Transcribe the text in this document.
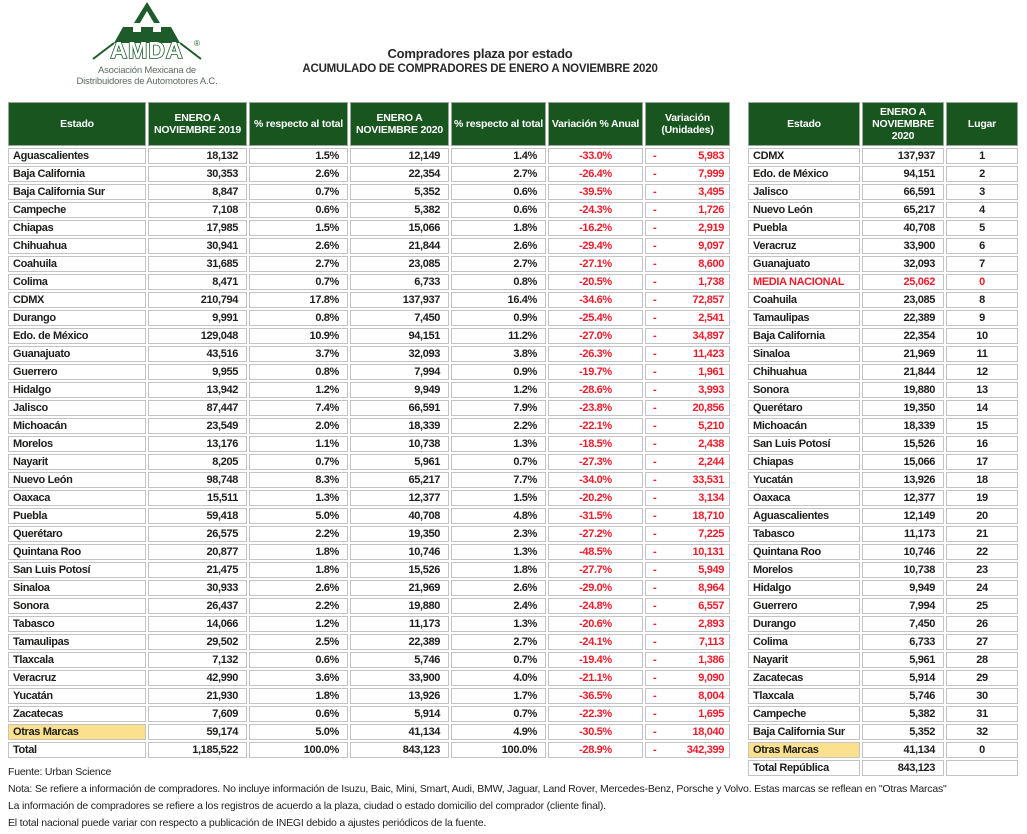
AMDA ®
Asociación Mexicana de
Distribuidores de Automotores A.C.
Compradores plaza por estado
ACUMULADO DE COMPRADORES DE ENERO A NOVIEMBRE 2020
Estado	ENERO A NOVIEMBRE 2019	% respecto al total	ENERO A NOVIEMBRE 2020	% respecto al total	Variación % Anual	Variación (Unidades)
Aguascalientes	18,132	1.5%	12,149	1.4%	-33.0%	- 5,983

Baja California	30,353	2.6%	22,354	2.7%	-26.4%	- 7,999

Baja California Sur	8,847	0.7%	5,352	0.6%	-39.5%	- 3,495

Campeche	7,108	0.6%	5,382	0.6%	-24.3%	- 1,726

Chiapas	17,985	1.5%	15,066	1.8%	-16.2%	- 2,919

Chihuahua	30,941	2.6%	21,844	2.6%	-29.4%	- 9,097

Coahuila	31,685	2.7%	23,085	2.7%	-27.1%	- 8,600

Colima	8,471	0.7%	6,733	0.8%	-20.5%	- 1,738

CDMX	210,794	17.8%	137,937	16.4%	-34.6%	- 72,857

Durango	9,991	0.8%	7,450	0.9%	-25.4%	- 2,541

Edo. de México	129,048	10.9%	94,151	11.2%	-27.0%	- 34,897

Guanajuato	43,516	3.7%	32,093	3.8%	-26.3%	- 11,423

Guerrero	9,955	0.8%	7,994	0.9%	-19.7%	- 1,961

Hidalgo	13,942	1.2%	9,949	1.2%	-28.6%	- 3,993

Jalisco	87,447	7.4%	66,591	7.9%	-23.8%	- 20,856

Michoacán	23,549	2.0%	18,339	2.2%	-22.1%	- 5,210

Morelos	13,176	1.1%	10,738	1.3%	-18.5%	- 2,438

Nayarit	8,205	0.7%	5,961	0.7%	-27.3%	- 2,244

Nuevo León	98,748	8.3%	65,217	7.7%	-34.0%	- 33,531

Oaxaca	15,511	1.3%	12,377	1.5%	-20.2%	- 3,134

Puebla	59,418	5.0%	40,708	4.8%	-31.5%	- 18,710

Querétaro	26,575	2.2%	19,350	2.3%	-27.2%	- 7,225

Quintana Roo	20,877	1.8%	10,746	1.3%	-48.5%	- 10,131

San Luis Potosí	21,475	1.8%	15,526	1.8%	-27.7%	- 5,949

Sinaloa	30,933	2.6%	21,969	2.6%	-29.0%	- 8,964

Sonora	26,437	2.2%	19,880	2.4%	-24.8%	- 6,557

Tabasco	14,066	1.2%	11,173	1.3%	-20.6%	- 2,893

Tamaulipas	29,502	2.5%	22,389	2.7%	-24.1%	- 7,113

Tlaxcala	7,132	0.6%	5,746	0.7%	-19.4%	- 1,386

Veracruz	42,990	3.6%	33,900	4.0%	-21.1%	- 9,090

Yucatán	21,930	1.8%	13,926	1.7%	-36.5%	- 8,004

Zacatecas	7,609	0.6%	5,914	0.7%	-22.3%	- 1,695

Otras Marcas	59,174	5.0%	41,134	4.9%	-30.5%	- 18,040

Total	1,185,522	100.0%	843,123	100.0%	-28.9%	- 342,399
Estado	ENERO A NOVIEMBRE 2020	Lugar
CDMX	137,937	1
Edo. de México	94,151	2
Jalisco	66,591	3
Nuevo León	65,217	4
Puebla	40,708	5
Veracruz	33,900	6
Guanajuato	32,093	7
MEDIA NACIONAL	25,062	0
Coahuila	23,085	8
Tamaulipas	22,389	9
Baja California	22,354	10
Sinaloa	21,969	11
Chihuahua	21,844	12
Sonora	19,880	13
Querétaro	19,350	14
Michoacán	18,339	15
San Luis Potosí	15,526	16
Chiapas	15,066	17
Yucatán	13,926	18
Oaxaca	12,377	19
Aguascalientes	12,149	20
Tabasco	11,173	21
Quintana Roo	10,746	22
Morelos	10,738	23
Hidalgo	9,949	24
Guerrero	7,994	25
Durango	7,450	26
Colima	6,733	27
Nayarit	5,961	28
Zacatecas	5,914	29
Tlaxcala	5,746	30
Campeche	5,382	31
Baja California Sur	5,352	32
Otras Marcas	41,134	0
Total República	843,123	
Fuente: Urban Science
Nota: Se refiere a información de compradores. No incluye información de Isuzu, Baic, Mini, Smart, Audi, BMW, Jaguar, Land Rover, Mercedes-Benz, Porsche y Volvo. Estas marcas se reflean en "Otras Marcas"
La información de compradores se refiere a los registros de acuerdo a la plaza, ciudad o estado domicilio del comprador (cliente final).
El total nacional puede variar con respecto a publicación de INEGI debido a ajustes periódicos de la fuente.
